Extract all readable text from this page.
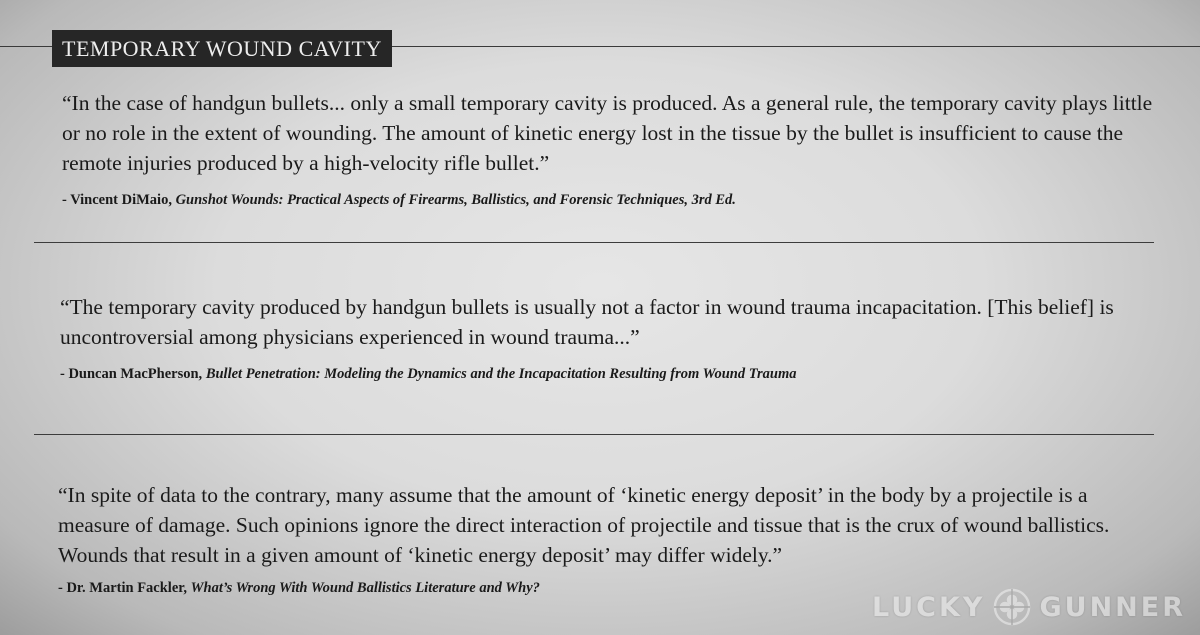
TEMPORARY WOUND CAVITY

“In the case of handgun bullets... only a small temporary cavity is produced. As a general rule, the temporary cavity plays little or no role in the extent of wounding. The amount of kinetic energy lost in the tissue by the bullet is insufficient to cause the remote injuries produced by a high-velocity rifle bullet.”

- Vincent DiMaio, Gunshot Wounds: Practical Aspects of Firearms, Ballistics, and Forensic Techniques, 3rd Ed.

“The temporary cavity produced by handgun bullets is usually not a factor in wound trauma incapacitation. [This belief] is uncontroversial among physicians experienced in wound trauma...”

- Duncan MacPherson, Bullet Penetration: Modeling the Dynamics and the Incapacitation Resulting from Wound Trauma

“In spite of data to the contrary, many assume that the amount of ‘kinetic energy deposit’ in the body by a projectile is a measure of damage. Such opinions ignore the direct interaction of projectile and tissue that is the crux of wound ballistics. Wounds that result in a given amount of ‘kinetic energy deposit’ may differ widely.”

- Dr. Martin Fackler, What’s Wrong With Wound Ballistics Literature and Why?
LUCKY GUNNER
